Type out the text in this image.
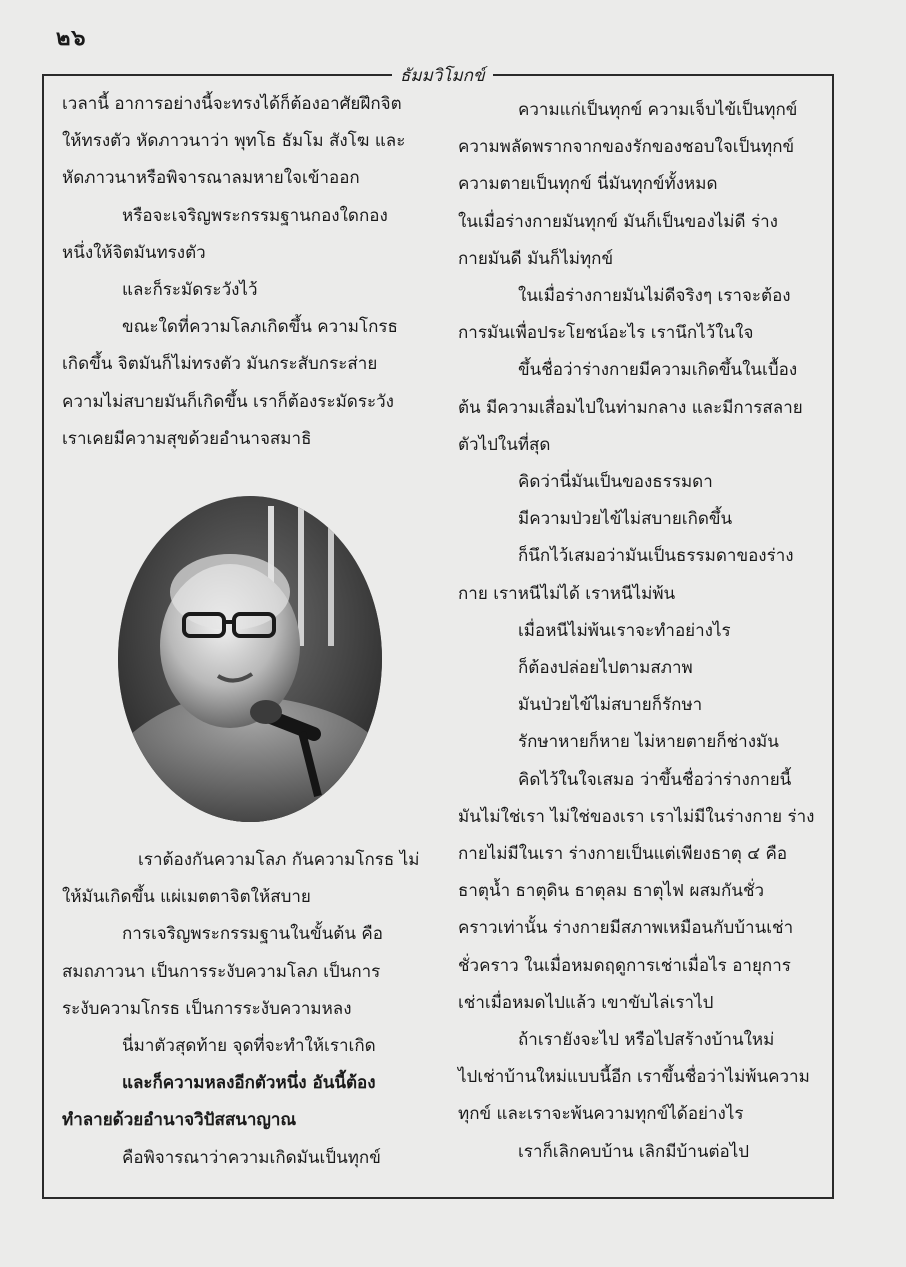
๒๖
ธัมมวิโมกข์

เวลานี้ อาการอย่างนี้จะทรงได้ก็ต้องอาศัยฝึกจิต

ให้ทรงตัว หัดภาวนาว่า พุทโธ ธัมโม สังโฆ และ

หัดภาวนาหรือพิจารณาลมหายใจเข้าออก

หรือจะเจริญพระกรรมฐานกองใดกอง

หนึ่งให้จิตมันทรงตัว

และก็ระมัดระวังไว้

ขณะใดที่ความโลภเกิดขึ้น ความโกรธ

เกิดขึ้น จิตมันก็ไม่ทรงตัว มันกระสับกระส่าย

ความไม่สบายมันก็เกิดขึ้น เราก็ต้องระมัดระวัง

เราเคยมีความสุขด้วยอำนาจสมาธิ

เราต้องกันความโลภ กันความโกรธ ไม่

ให้มันเกิดขึ้น แผ่เมตตาจิตให้สบาย

การเจริญพระกรรมฐานในขั้นต้น คือ

สมถภาวนา เป็นการระงับความโลภ เป็นการ

ระงับความโกรธ เป็นการระงับความหลง

นี่มาตัวสุดท้าย จุดที่จะทำให้เราเกิด

และก็ความหลงอีกตัวหนึ่ง อันนี้ต้อง

ทำลายด้วยอำนาจวิปัสสนาญาณ

คือพิจารณาว่าความเกิดมันเป็นทุกข์

ความแก่เป็นทุกข์ ความเจ็บไข้เป็นทุกข์

ความพลัดพรากจากของรักของชอบใจเป็นทุกข์

ความตายเป็นทุกข์ นี่มันทุกข์ทั้งหมด

ในเมื่อร่างกายมันทุกข์ มันก็เป็นของไม่ดี ร่าง

กายมันดี มันก็ไม่ทุกข์

ในเมื่อร่างกายมันไม่ดีจริงๆ เราจะต้อง

การมันเพื่อประโยชน์อะไร เรานึกไว้ในใจ

ขึ้นชื่อว่าร่างกายมีความเกิดขึ้นในเบื้อง

ต้น มีความเสื่อมไปในท่ามกลาง และมีการสลาย

ตัวไปในที่สุด

คิดว่านี่มันเป็นของธรรมดา

มีความป่วยไข้ไม่สบายเกิดขึ้น

ก็นึกไว้เสมอว่ามันเป็นธรรมดาของร่าง

กาย เราหนีไม่ได้ เราหนีไม่พ้น

เมื่อหนีไม่พ้นเราจะทำอย่างไร

ก็ต้องปล่อยไปตามสภาพ

มันป่วยไข้ไม่สบายก็รักษา

รักษาหายก็หาย ไม่หายตายก็ช่างมัน

คิดไว้ในใจเสมอ ว่าขึ้นชื่อว่าร่างกายนี้

มันไม่ใช่เรา ไม่ใช่ของเรา เราไม่มีในร่างกาย ร่าง

กายไม่มีในเรา ร่างกายเป็นแต่เพียงธาตุ ๔ คือ

ธาตุน้ำ ธาตุดิน ธาตุลม ธาตุไฟ ผสมกันชั่ว

คราวเท่านั้น ร่างกายมีสภาพเหมือนกับบ้านเช่า

ชั่วคราว ในเมื่อหมดฤดูการเช่าเมื่อไร อายุการ

เช่าเมื่อหมดไปแล้ว เขาขับไล่เราไป

ถ้าเรายังจะไป หรือไปสร้างบ้านใหม่

ไปเช่าบ้านใหม่แบบนี้อีก เราขึ้นชื่อว่าไม่พ้นความ

ทุกข์ และเราจะพ้นความทุกข์ได้อย่างไร

เราก็เลิกคบบ้าน เลิกมีบ้านต่อไป
